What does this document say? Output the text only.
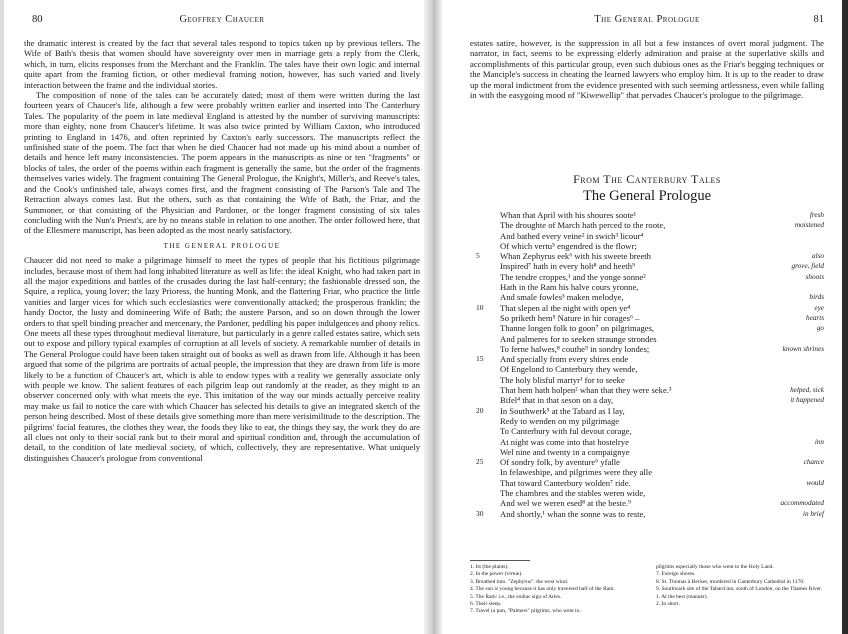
80	Geoffrey Chaucer

the dramatic interest is created by the fact that several tales respond to topics taken up by previous tellers. The Wife of Bath's thesis that women should have sovereignty over men in marriage gets a reply from the Clerk, which, in turn, elicits responses from the Merchant and the Franklin. The tales have their own logic and internal quite apart from the framing fiction, or other medieval framing notion, however, has such varied and lively interaction between the frame and the individual stories.

The composition of none of the tales can be accurately dated; most of them were written during the last fourteen years of Chaucer's life, although a few were probably written earlier and inserted into The Canterbury Tales. The popularity of the poem in late medieval England is attested by the number of surviving manuscripts: more than eighty, none from Chaucer's lifetime. It was also twice printed by William Caxton, who introduced printing to England in 1476, and often reprinted by Caxton's early successors. The manuscripts reflect the unfinished state of the poem. The fact that when he died Chaucer had not made up his mind about a number of details and hence left many inconsistencies. The poem appears in the manuscripts as nine or ten "fragments" or blocks of tales, the order of the poems within each fragment is generally the same, but the order of the fragments themselves varies widely. The fragment containing The General Prologue, the Knight's, Miller's, and Reeve's tales, and the Cook's unfinished tale, always comes first, and the fragment consisting of The Parson's Tale and The Retraction always comes last. But the others, such as that containing the Wife of Bath, the Friar, and the Summoner, or that consisting of the Physician and Pardoner, or the longer fragment consisting of six tales concluding with the Nun's Priest's, are by no means stable in relation to one another. The order followed here, that of the Ellesmere manuscript, has been adopted as the most nearly satisfactory.

THE GENERAL PROLOGUE

Chaucer did not need to make a pilgrimage himself to meet the types of people that his fictitious pilgrimage includes, because most of them had long inhabited literature as well as life: the ideal Knight, who had taken part in all the major expeditions and battles of the crusades during the last half-century; the fashionable dressed son, the Squire, a replica, young lover; the lazy Prioress, the hunting Monk, and the flattering Friar, who practice the little vanities and larger vices for which such ecclesiastics were conventionally attacked; the prosperous franklin; the handy Doctor, the lusty and domineering Wife of Bath; the austere Parson, and so on down through the lower orders to that spell binding preacher and mercenary, the Pardoner, peddling his paper indulgences and phony relics. One meets all these types throughout medieval literature, but particularly in a genre called estates satire, which sets out to expose and pillory typical examples of corruption at all levels of society. A remarkable number of details in The General Prologue could have been taken straight out of books as well as drawn from life. Although it has been argued that some of the pilgrims are portraits of actual people, the impression that they are drawn from life is more likely to be a function of Chaucer's art, which is able to endow types with a reality we generally associate only with people we know. The salient features of each pilgrim leap out randomly at the reader, as they might to an observer concerned only with what meets the eye. This imitation of the way our minds actually perceive reality may make us fail to notice the care with which Chaucer has selected his details to give an integrated sketch of the person being described. Most of these details give something more than mere verisimilitude to the description. The pilgrims' facial features, the clothes they wear, the foods they like to eat, the things they say, the work they do are all clues not only to their social rank but to their moral and spiritual condition and, through the accumulation of detail, to the condition of late medieval society, of which, collectively, they are representative. What uniquely distinguishes Chaucer's prologue from conventional

The General Prologue	81
estates satire, however, is the suppression in all but a few instances of overt moral judgment. The narrator, in fact, seems to be expressing elderly admiration and praise at the superlative skills and accomplishments of this particular group, even such dubious ones as the Friar's begging techniques or the Manciple's success in cheating the learned lawyers who employ him. It is up to the reader to draw up the moral indictment from the evidence presented with such seeming artlessness, even while falling in with the easygoing mood of "Kiwewellip" that pervades Chaucer's prologue to the pilgrimage.
From The Canterbury Tales
The General Prologue
Whan that April with his shoures soote¹	fresh
The droughte of March hath perced to the roote,	moistened
And bathed every veine² in swich³ licour⁴
Of which vertu⁵ engendred is the flowr;
5 Whan Zephyrus eek⁶ with his sweete breeth	also
Inspired⁷ hath in every holt⁸ and heeth⁹	grove, field
The tendre croppes,¹ and the yonge sonne²	shoots
Hath in the Ram his halve cours yronne,
And smale fowles³ maken melodye,	birds
10 That slepen al the night with open ye⁴	eye
So priketh hem⁵ Nature in hir corages⁶ –	hearts
Thanne longen folk to goon⁷ on pilgrimages,	go
And palmeres for to seeken straunge strondes
To ferne halwes,⁸ couthe⁹ in sondry londes;	known shrines
15 And specially from every shires ende
Of Engelond to Canterbury they wende,
The holy blisful martyr¹ for to seeke
That hem hath holpen² whan that they were seke.³	helped, sick
Bifel⁴ that in that seson on a day,	it happened
20 In Southwerk⁵ at the Tabard as I lay,
Redy to wenden on my pilgrimage
To Canterbury with ful devout corage,
At night was come into that hostelrye	inn
Wel nine and twenty in a compaignye
25 Of sondry folk, by aventure⁶ yfalle	chance
In felaweshipe, and pilgrimes were they alle
That toward Canterbury wolden⁷ ride.	would
The chambres and the stables weren wide,
And wel we weren esed⁸ at the beste.⁹	accommodated
30 And shortly,¹ whan the sonne was to reste,	in brief
1. Its (the plants).
2. In the power (virtue).
3. Breathed into. "Zephyrus": the west wind.
4. The sun is young because it has only traversed half of the Ram.
5. The Ram: i.e., the zodiac sign of Aries.
6. Their sleep.
7. Travel (a pun, "Palmers" pilgrims, who went to.
pilgrims especially those who went to the Holy Land.
7. Foreign shores.
8. St. Thomas à Becket, murdered in Canterbury Cathedral in 1170.
9. Southwark site of the Tabard inn, south of London, on the Thames River.
1. At the best (manner).
2. In short.
